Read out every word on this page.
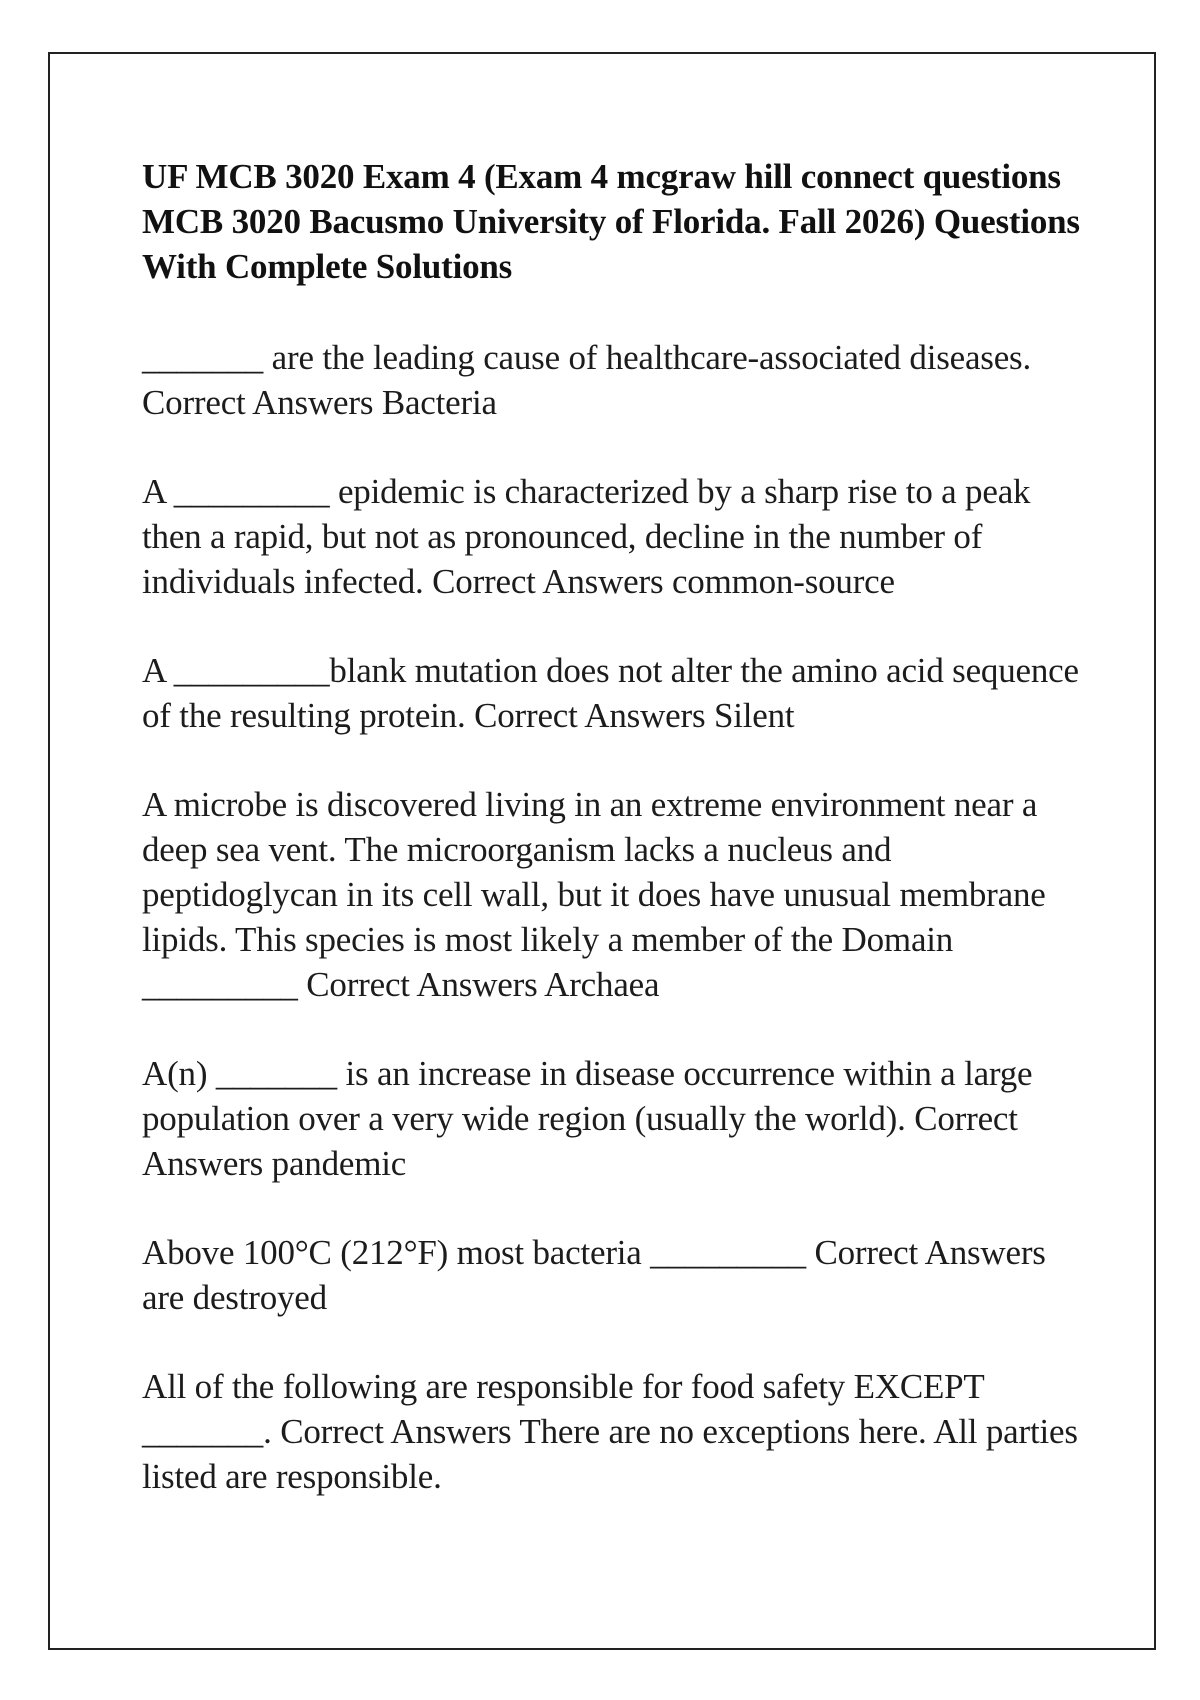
UF MCB 3020 Exam 4 (Exam 4 mcgraw hill connect questions MCB 3020 Bacusmo University of Florida. Fall 2026) Questions With Complete Solutions
_______ are the leading cause of healthcare-associated diseases. Correct Answers Bacteria
A _________ epidemic is characterized by a sharp rise to a peak then a rapid, but not as pronounced, decline in the number of individuals infected. Correct Answers common-source
A _________blank mutation does not alter the amino acid sequence of the resulting protein. Correct Answers Silent
A microbe is discovered living in an extreme environment near a deep sea vent. The microorganism lacks a nucleus and peptidoglycan in its cell wall, but it does have unusual membrane lipids. This species is most likely a member of the Domain _________ Correct Answers Archaea
A(n) _______ is an increase in disease occurrence within a large population over a very wide region (usually the world). Correct Answers pandemic
Above 100°C (212°F) most bacteria _________ Correct Answers are destroyed
All of the following are responsible for food safety EXCEPT _______. Correct Answers There are no exceptions here. All parties listed are responsible.
